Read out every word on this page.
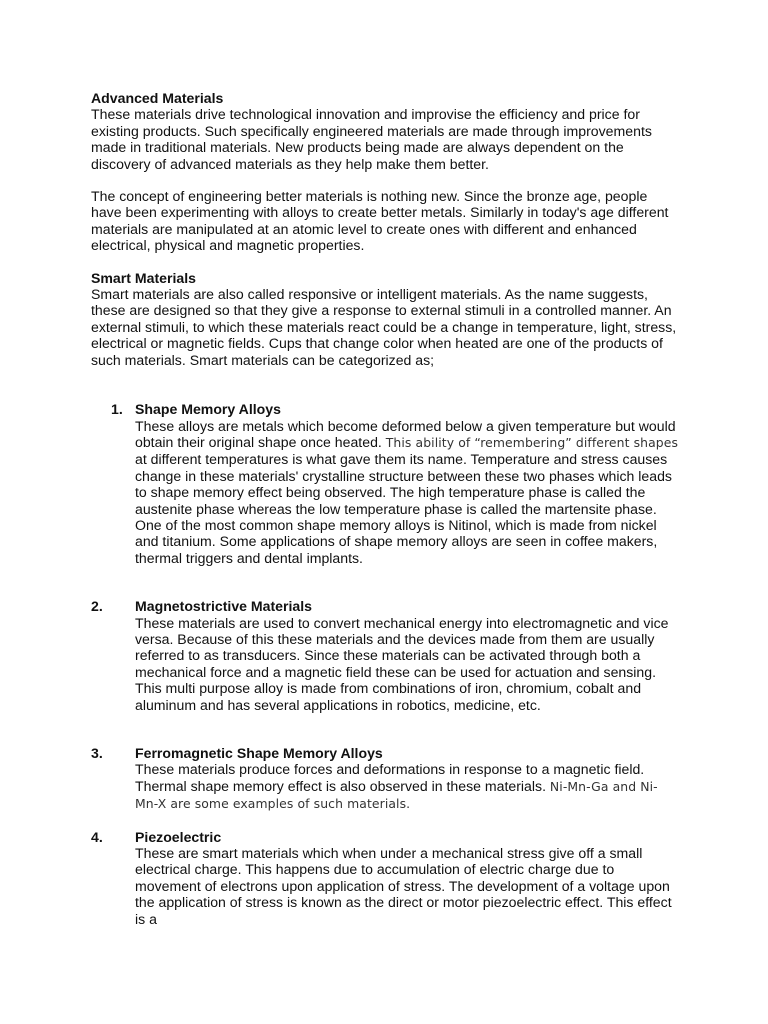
Advanced Materials

These materials drive technological innovation and improvise the efficiency and price for existing products. Such specifically engineered materials are made through improvements made in traditional materials. New products being made are always dependent on the discovery of advanced materials as they help make them better.

The concept of engineering better materials is nothing new. Since the bronze age, people have been experimenting with alloys to create better metals. Similarly in today's age different materials are manipulated at an atomic level to create ones with different and enhanced electrical, physical and magnetic properties.

Smart Materials

Smart materials are also called responsive or intelligent materials. As the name suggests, these are designed so that they give a response to external stimuli in a controlled manner. An external stimuli, to which these materials react could be a change in temperature, light, stress, electrical or magnetic fields. Cups that change color when heated are one of the products of such materials. Smart materials can be categorized as;

1. Shape Memory Alloys

These alloys are metals which become deformed below a given temperature but would obtain their original shape once heated. This ability of “remembering” different shapes at different temperatures is what gave them its name. Temperature and stress causes change in these materials' crystalline structure between these two phases which leads to shape memory effect being observed. The high temperature phase is called the austenite phase whereas the low temperature phase is called the martensite phase. One of the most common shape memory alloys is Nitinol, which is made from nickel and titanium. Some applications of shape memory alloys are seen in coffee makers, thermal triggers and dental implants.

2. Magnetostrictive Materials

These materials are used to convert mechanical energy into electromagnetic and vice versa. Because of this these materials and the devices made from them are usually referred to as transducers. Since these materials can be activated through both a mechanical force and a magnetic field these can be used for actuation and sensing. This multi purpose alloy is made from combinations of iron, chromium, cobalt and aluminum and has several applications in robotics, medicine, etc.

3. Ferromagnetic Shape Memory Alloys

These materials produce forces and deformations in response to a magnetic field. Thermal shape memory effect is also observed in these materials. Ni-Mn-Ga and Ni-Mn-X are some examples of such materials.

4. Piezoelectric

These are smart materials which when under a mechanical stress give off a small electrical charge. This happens due to accumulation of electric charge due to movement of electrons upon application of stress. The development of a voltage upon the application of stress is known as the direct or motor piezoelectric effect. This effect is a
